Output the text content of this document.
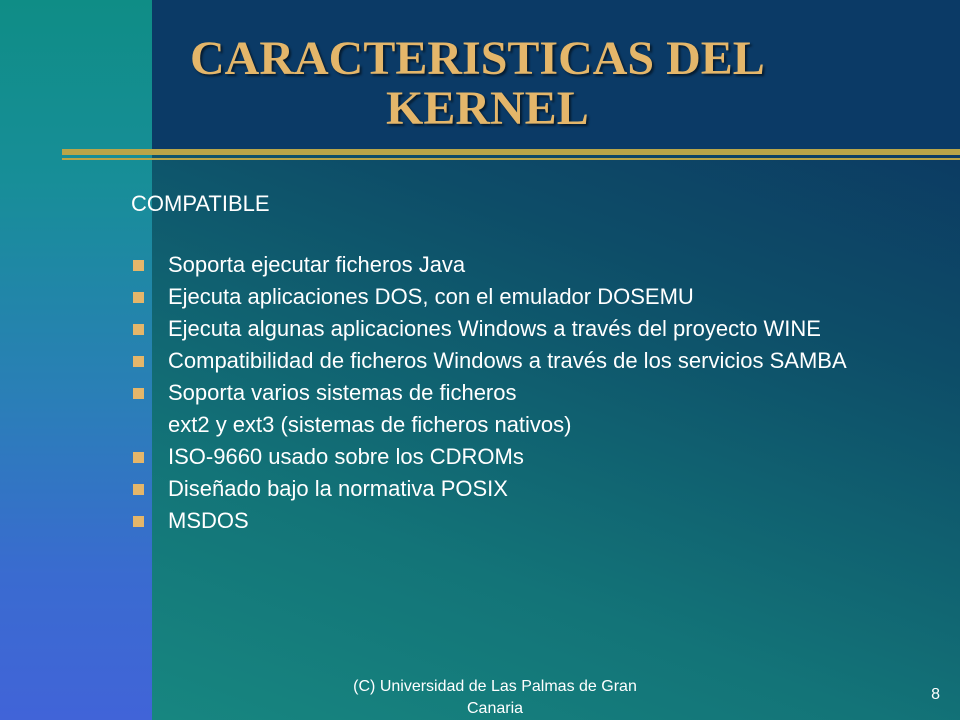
CARACTERISTICAS DEL
KERNEL
COMPATIBLE
Soporta ejecutar ficheros Java
Ejecuta aplicaciones DOS, con el emulador DOSEMU
Ejecuta algunas aplicaciones Windows a través del proyecto WINE
Compatibilidad de ficheros Windows a través de los servicios SAMBA
Soporta varios sistemas de ficheros
ext2 y ext3 (sistemas de ficheros nativos)
ISO-9660 usado sobre los CDROMs
Diseñado bajo la normativa POSIX
MSDOS
(C) Universidad de Las Palmas de Gran Canaria
8
